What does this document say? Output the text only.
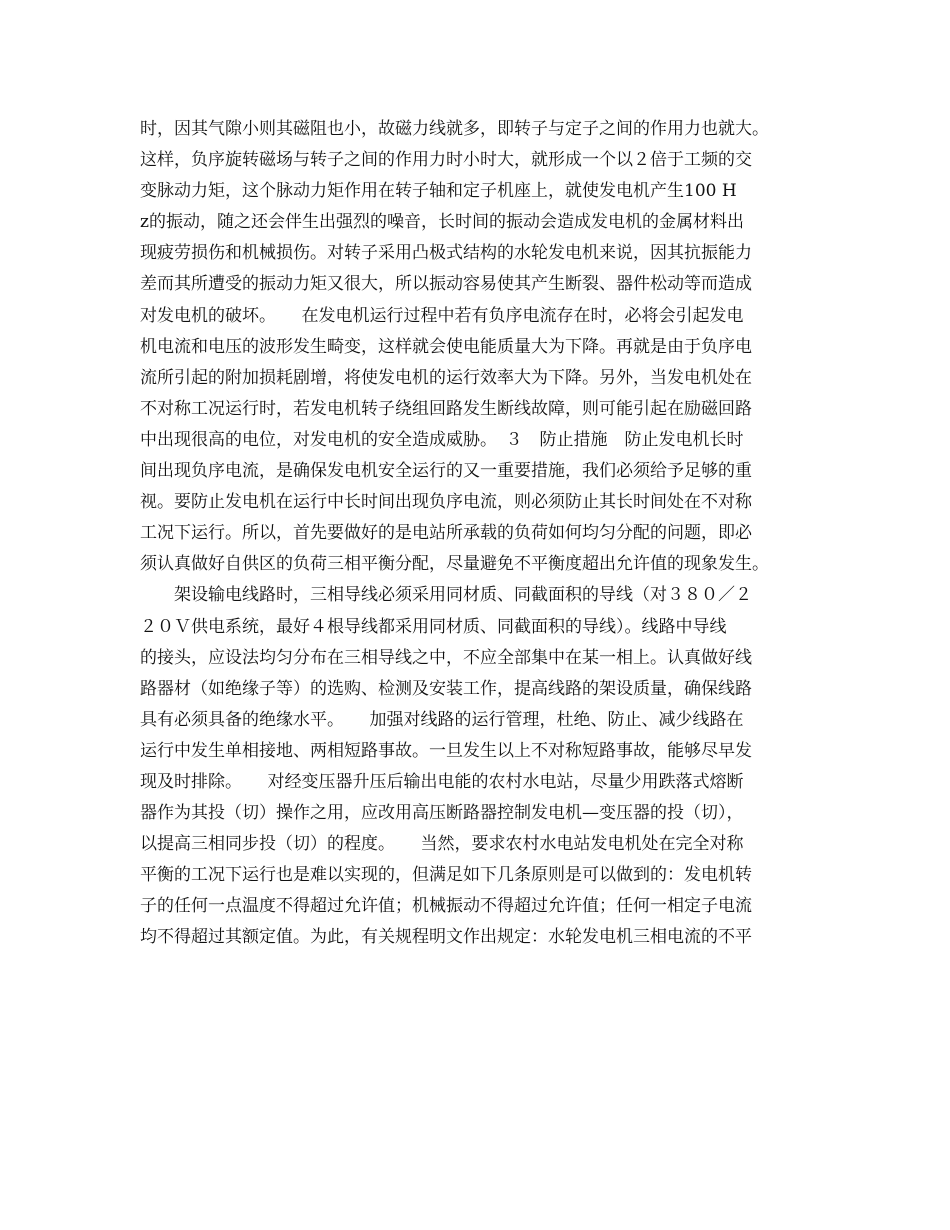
时，因其气隙小则其磁阻也小，故磁力线就多，即转子与定子之间的作用力也就大。
这样，负序旋转磁场与转子之间的作用力时小时大，就形成一个以２倍于工频的交
变脉动力矩，这个脉动力矩作用在转子轴和定子机座上，就使发电机产生100 H
z的振动，随之还会伴生出强烈的噪音，长时间的振动会造成发电机的金属材料出
现疲劳损伤和机械损伤。对转子采用凸极式结构的水轮发电机来说，因其抗振能力
差而其所遭受的振动力矩又很大，所以振动容易使其产生断裂、器件松动等而造成
对发电机的破坏。　　在发电机运行过程中若有负序电流存在时，必将会引起发电
机电流和电压的波形发生畸变，这样就会使电能质量大为下降。再就是由于负序电
流所引起的附加损耗剧增，将使发电机的运行效率大为下降。另外，当发电机处在
不对称工况运行时，若发电机转子绕组回路发生断线故障，则可能引起在励磁回路
中出现很高的电位，对发电机的安全造成威胁。　３　防止措施　防止发电机长时
间出现负序电流，是确保发电机安全运行的又一重要措施，我们必须给予足够的重
视。要防止发电机在运行中长时间出现负序电流，则必须防止其长时间处在不对称
工况下运行。所以，首先要做好的是电站所承载的负荷如何均匀分配的问题，即必
须认真做好自供区的负荷三相平衡分配，尽量避免不平衡度超出允许值的现象发生。
　　架设输电线路时，三相导线必须采用同材质、同截面积的导线（对３８０／２
２０Ｖ供电系统，最好４根导线都采用同材质、同截面积的导线）。线路中导线
的接头，应设法均匀分布在三相导线之中，不应全部集中在某一相上。认真做好线
路器材（如绝缘子等）的选购、检测及安装工作，提高线路的架设质量，确保线路
具有必须具备的绝缘水平。　　加强对线路的运行管理，杜绝、防止、减少线路在
运行中发生单相接地、两相短路事故。一旦发生以上不对称短路事故，能够尽早发
现及时排除。　　对经变压器升压后输出电能的农村水电站，尽量少用跌落式熔断
器作为其投（切）操作之用，应改用高压断路器控制发电机—变压器的投（切），
以提高三相同步投（切）的程度。　　当然，要求农村水电站发电机处在完全对称
平衡的工况下运行也是难以实现的，但满足如下几条原则是可以做到的：发电机转
子的任何一点温度不得超过允许值；机械振动不得超过允许值；任何一相定子电流
均不得超过其额定值。为此，有关规程明文作出规定：水轮发电机三相电流的不平
